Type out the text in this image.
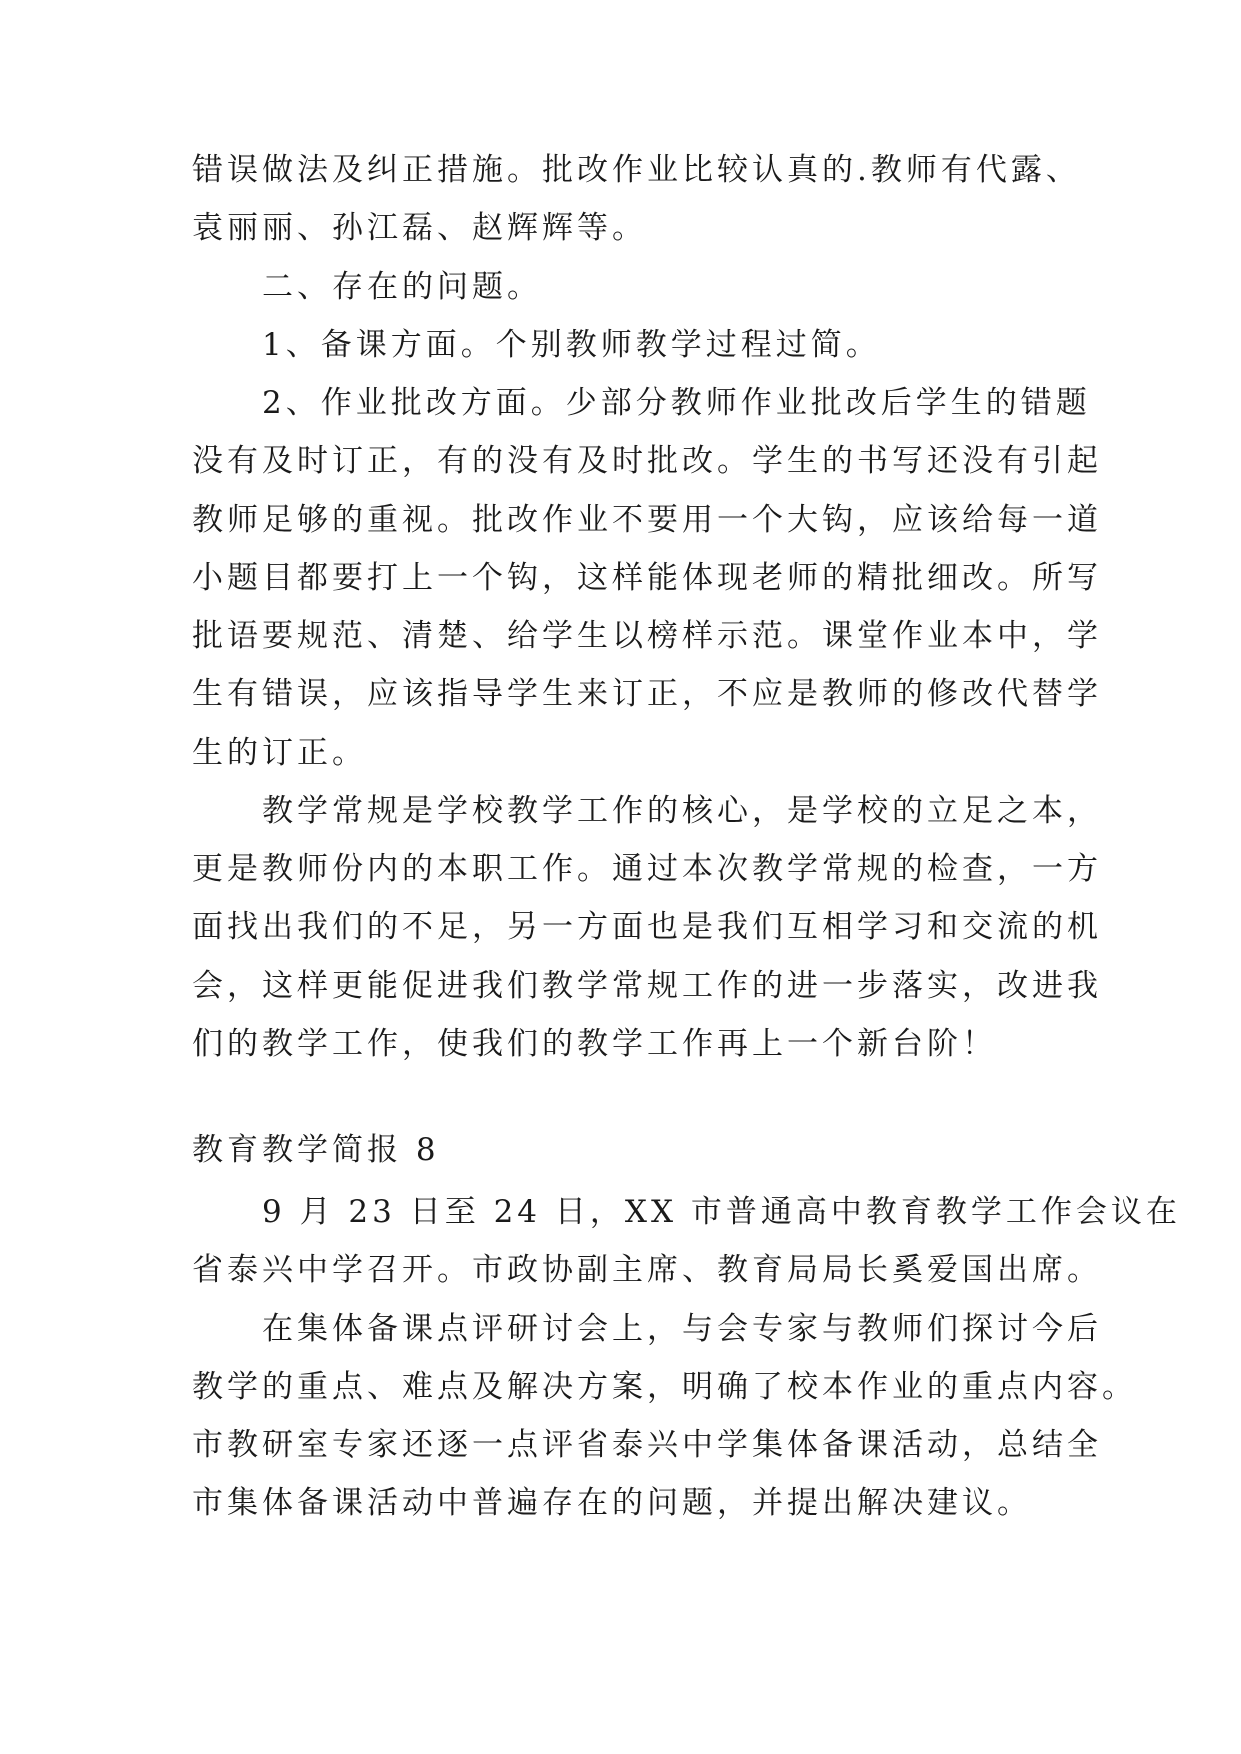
错误做法及纠正措施。批改作业比较认真的.教师有代露、
袁丽丽、孙江磊、赵辉辉等。
　　二、存在的问题。
　　1、备课方面。个别教师教学过程过简。
　　2、作业批改方面。少部分教师作业批改后学生的错题
没有及时订正，有的没有及时批改。学生的书写还没有引起
教师足够的重视。批改作业不要用一个大钩，应该给每一道
小题目都要打上一个钩，这样能体现老师的精批细改。所写
批语要规范、清楚、给学生以榜样示范。课堂作业本中，学
生有错误，应该指导学生来订正，不应是教师的修改代替学
生的订正。
　　教学常规是学校教学工作的核心，是学校的立足之本，
更是教师份内的本职工作。通过本次教学常规的检查，一方
面找出我们的不足，另一方面也是我们互相学习和交流的机
会，这样更能促进我们教学常规工作的进一步落实，改进我
们的教学工作，使我们的教学工作再上一个新台阶！
教育教学简报 8
　　9 月 23 日至 24 日，XX 市普通高中教育教学工作会议在
省泰兴中学召开。市政协副主席、教育局局长奚爱国出席。
　　在集体备课点评研讨会上，与会专家与教师们探讨今后
教学的重点、难点及解决方案，明确了校本作业的重点内容。
市教研室专家还逐一点评省泰兴中学集体备课活动，总结全
市集体备课活动中普遍存在的问题，并提出解决建议。
